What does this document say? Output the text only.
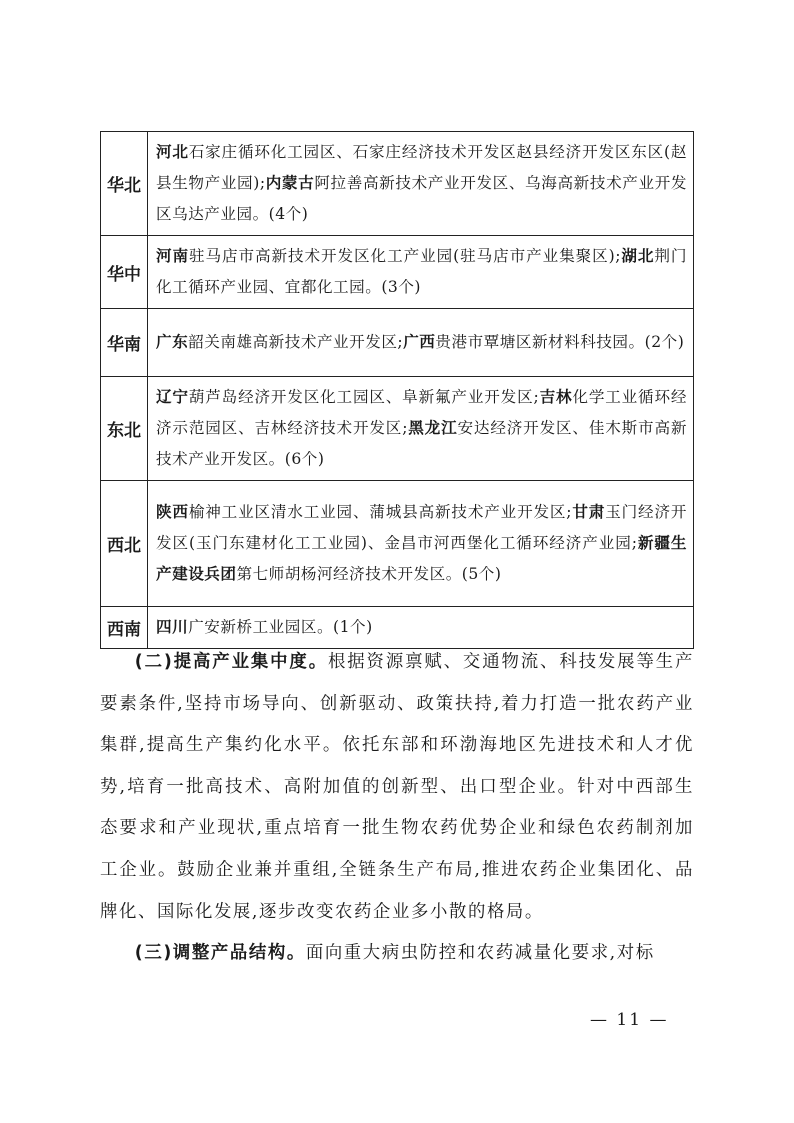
华北	河北石家庄循环化工园区、石家庄经济技术开发区赵县经济开发区东区(赵县生物产业园);内蒙古阿拉善高新技术产业开发区、乌海高新技术产业开发区乌达产业园。(4个)
华中	河南驻马店市高新技术开发区化工产业园(驻马店市产业集聚区);湖北荆门化工循环产业园、宜都化工园。(3个)
华南	广东韶关南雄高新技术产业开发区;广西贵港市覃塘区新材料科技园。(2个)
东北	辽宁葫芦岛经济开发区化工园区、阜新氟产业开发区;吉林化学工业循环经济示范园区、吉林经济技术开发区;黑龙江安达经济开发区、佳木斯市高新技术产业开发区。(6个)
西北	陕西榆神工业区清水工业园、蒲城县高新技术产业开发区;甘肃玉门经济开发区(玉门东建材化工工业园)、金昌市河西堡化工循环经济产业园;新疆生产建设兵团第七师胡杨河经济技术开发区。(5个)
西南	四川广安新桥工业园区。(1个)

(二)提高产业集中度。根据资源禀赋、交通物流、科技发展等生产要素条件,坚持市场导向、创新驱动、政策扶持,着力打造一批农药产业集群,提高生产集约化水平。依托东部和环渤海地区先进技术和人才优势,培育一批高技术、高附加值的创新型、出口型企业。针对中西部生态要求和产业现状,重点培育一批生物农药优势企业和绿色农药制剂加工企业。鼓励企业兼并重组,全链条生产布局,推进农药企业集团化、品牌化、国际化发展,逐步改变农药企业多小散的格局。

(三)调整产品结构。面向重大病虫防控和农药减量化要求,对标

— 11 —
